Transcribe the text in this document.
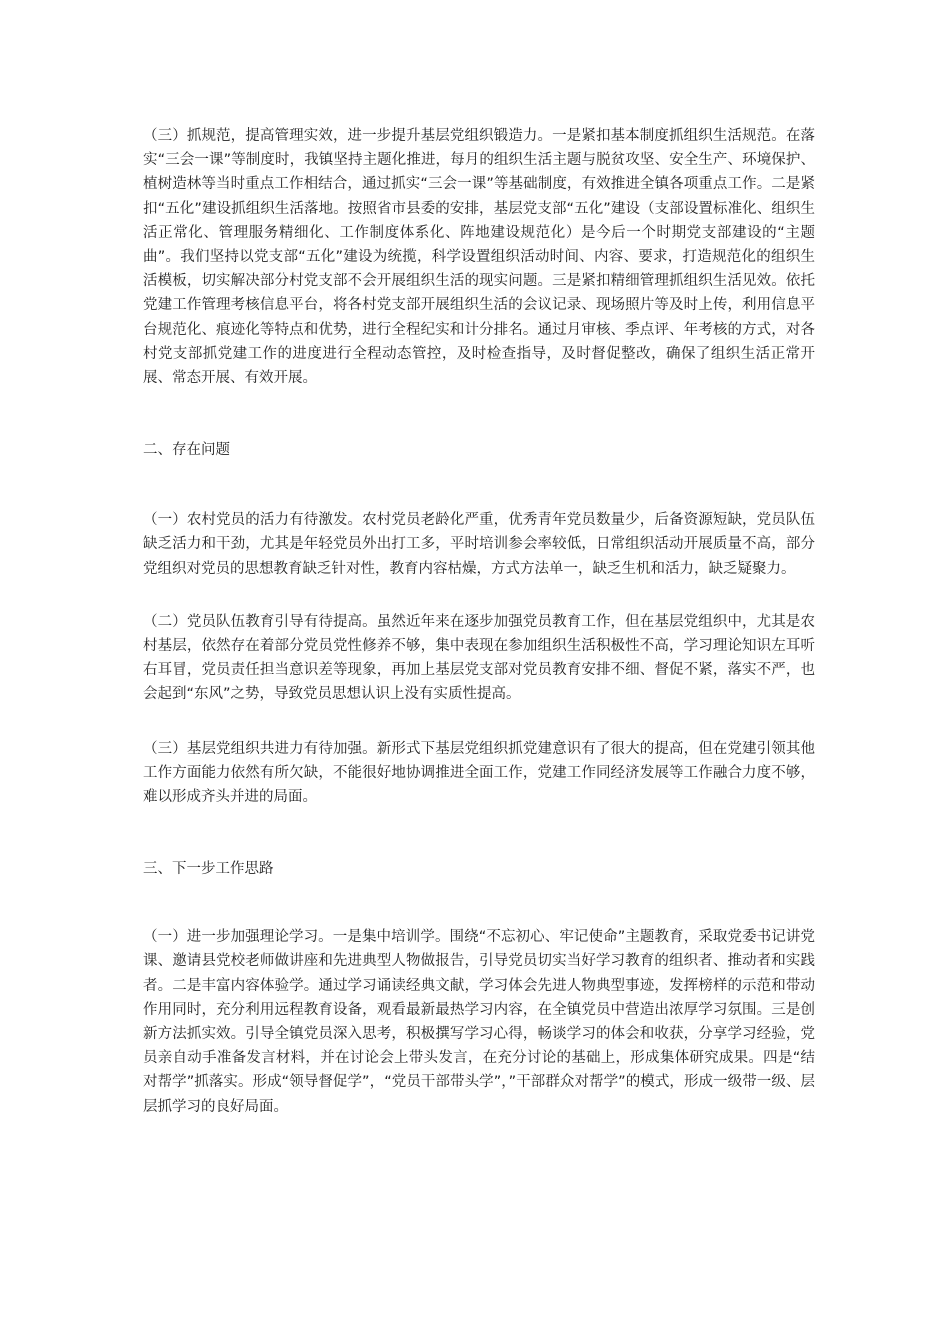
（三）抓规范，提高管理实效，进一步提升基层党组织锻造力。一是紧扣基本制度抓组织生活规范。在落实“三会一课”等制度时，我镇坚持主题化推进，每月的组织生活主题与脱贫攻坚、安全生产、环境保护、植树造林等当时重点工作相结合，通过抓实“三会一课”等基础制度，有效推进全镇各项重点工作。二是紧扣“五化”建设抓组织生活落地。按照省市县委的安排，基层党支部“五化”建设（支部设置标准化、组织生活正常化、管理服务精细化、工作制度体系化、阵地建设规范化）是今后一个时期党支部建设的“主题曲”。我们坚持以党支部“五化”建设为统揽，科学设置组织活动时间、内容、要求，打造规范化的组织生活模板，切实解决部分村党支部不会开展组织生活的现实问题。三是紧扣精细管理抓组织生活见效。依托党建工作管理考核信息平台，将各村党支部开展组织生活的会议记录、现场照片等及时上传，利用信息平台规范化、痕迹化等特点和优势，进行全程纪实和计分排名。通过月审核、季点评、年考核的方式，对各村党支部抓党建工作的进度进行全程动态管控，及时检查指导，及时督促整改，确保了组织生活正常开展、常态开展、有效开展。

二、存在问题

（一）农村党员的活力有待激发。农村党员老龄化严重，优秀青年党员数量少，后备资源短缺，党员队伍缺乏活力和干劲，尤其是年轻党员外出打工多，平时培训参会率较低，日常组织活动开展质量不高，部分党组织对党员的思想教育缺乏针对性，教育内容枯燥，方式方法单一，缺乏生机和活力，缺乏疑聚力。

（二）党员队伍教育引导有待提高。虽然近年来在逐步加强党员教育工作，但在基层党组织中，尤其是农村基层，依然存在着部分党员党性修养不够，集中表现在参加组织生活积极性不高，学习理论知识左耳听右耳冒，党员责任担当意识差等现象，再加上基层党支部对党员教育安排不细、督促不紧，落实不严，也会起到“东风”之势，导致党员思想认识上没有实质性提高。

（三）基层党组织共进力有待加强。新形式下基层党组织抓党建意识有了很大的提高，但在党建引领其他工作方面能力依然有所欠缺，不能很好地协调推进全面工作，党建工作同经济发展等工作融合力度不够，难以形成齐头并进的局面。

三、下一步工作思路

（一）进一步加强理论学习。一是集中培训学。围绕“不忘初心、牢记使命”主题教育，采取党委书记讲党课、邀请县党校老师做讲座和先进典型人物做报告，引导党员切实当好学习教育的组织者、推动者和实践者。二是丰富内容体验学。通过学习诵读经典文献，学习体会先进人物典型事迹，发挥榜样的示范和带动作用同时，充分利用远程教育设备，观看最新最热学习内容，在全镇党员中营造出浓厚学习氛围。三是创新方法抓实效。引导全镇党员深入思考，积极撰写学习心得，畅谈学习的体会和收获，分享学习经验，党员亲自动手准备发言材料，并在讨论会上带头发言，在充分讨论的基础上，形成集体研究成果。四是“结对帮学”抓落实。形成“领导督促学”，“党员干部带头学”，”干部群众对帮学”的模式，形成一级带一级、层层抓学习的良好局面。
